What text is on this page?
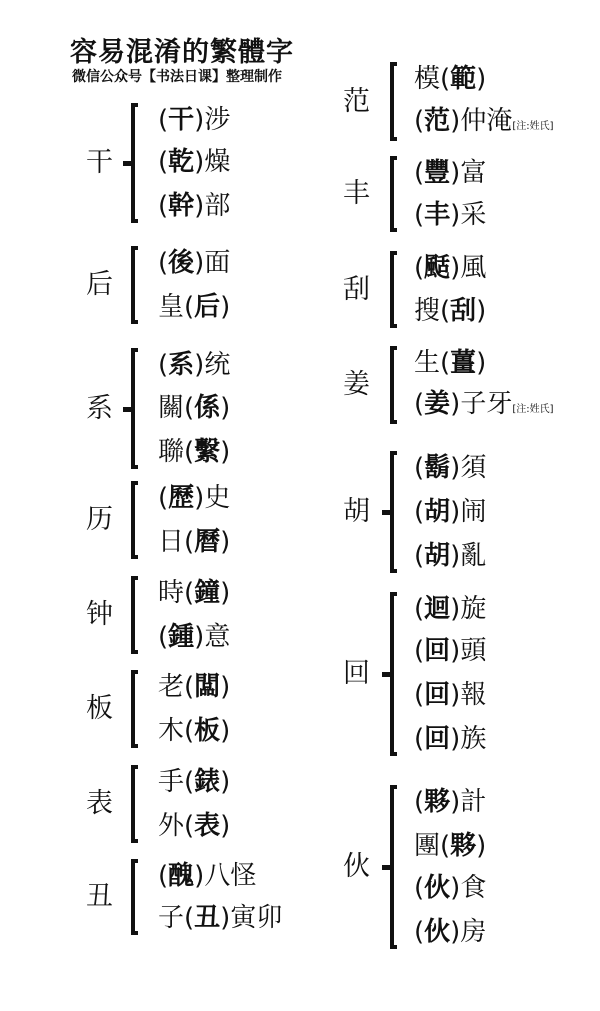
容易混淆的繁體字
微信公众号【书法日课】整理制作
干
(干)涉
(乾)燥
(幹)部
后
(後)面
皇(后)
系
(系)统
關(係)
聯(繫)
历
(歷)史
日(曆)
钟
時(鐘)
(鍾)意
板
老(闆)
木(板)
表
手(錶)
外(表)
丑
(醜)八怪
子(丑)寅卯
范
模(範)
(范)仲淹[注:姓氏]
丰
(豐)富
(丰)采
刮
(颳)風
搜(刮)
姜
生(薑)
(姜)子牙[注:姓氏]
胡
(鬍)須
(胡)闹
(胡)亂
回
(迴)旋
(回)頭
(回)報
(回)族
伙
(夥)計
團(夥)
(伙)食
(伙)房
